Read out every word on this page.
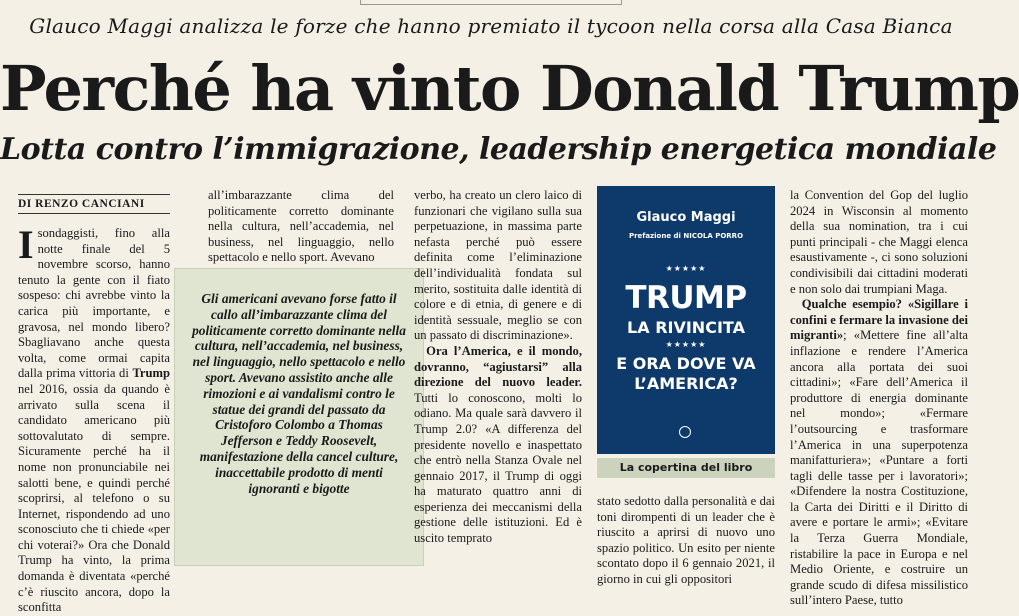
Glauco Maggi analizza le forze che hanno premiato il tycoon nella corsa alla Casa Bianca
Perché ha vinto Donald Trump
Lotta contro l’immigrazione, leadership energetica mondiale
DI RENZO CANCIANI
I sondaggisti, fino alla notte finale del 5 novembre scorso, hanno tenuto la gente con il fiato sospeso: chi avrebbe vinto la carica più importante, e gravosa, nel mondo libero? Sbagliavano anche questa volta, come ormai capita dalla prima vittoria di Trump nel 2016, ossia da quando è arrivato sulla scena il candidato americano più sottovalutato di sempre. Sicuramente perché ha il nome non pronunciabile nei salotti bene, e quindi perché scoprirsi, al telefono o su Internet, rispondendo ad uno sconosciuto che ti chiede «per chi voterai?» Ora che Donald Trump ha vinto, la prima domanda è diventata «perché c’è riuscito ancora, dopo la sconfitta
all’imbarazzante clima del politicamente corretto dominante nella cultura, nell’accademia, nel business, nel linguaggio, nello spettacolo e nello sport. Avevano
Gli americani avevano forse fatto il callo all’imbarazzante clima del politicamente corretto dominante nella cultura, nell’accademia, nel business, nel linguaggio, nello spettacolo e nello sport. Avevano assistito anche alle rimozioni e ai vandalismi contro le statue dei grandi del passato da Cristoforo Colombo a Thomas Jefferson e Teddy Roosevelt, manifestazione della cancel culture, inaccettabile prodotto di menti ignoranti e bigotte
verbo, ha creato un clero laico di funzionari che vigilano sulla sua perpetuazione, in massima parte nefasta perché può essere definita come l’eliminazione dell’individualità fondata sul merito, sostituita dalle identità di colore e di etnia, di genere e di identità sessuale, meglio se con un passato di discriminazione».
Ora l’America, e il mondo, dovranno, “agiustarsi” alla direzione del nuovo leader. Tutti lo conoscono, molti lo odiano. Ma quale sarà davvero il Trump 2.0? «A differenza del presidente novello e inaspettato che entrò nella Stanza Ovale nel gennaio 2017, il Trump di oggi ha maturato quattro anni di esperienza dei meccanismi della gestione delle istituzioni. Ed è uscito temprato
Glauco Maggi
Prefazione di NICOLA PORRO
★★★★★
TRUMP
LA RIVINCITA
★★★★★
E ORA DOVE VA L’AMERICA?
La copertina del libro
stato sedotto dalla personalità e dai toni dirompenti di un leader che è riuscito a aprirsi di nuovo uno spazio politico. Un esito per niente scontato dopo il 6 gennaio 2021, il giorno in cui gli oppositori
la Convention del Gop del luglio 2024 in Wisconsin al momento della sua nomination, tra i cui punti principali - che Maggi elenca esaustivamente -, ci sono soluzioni condivisibili dai cittadini moderati e non solo dai trumpiani Maga.
Qualche esempio? «Sigillare i confini e fermare la invasione dei migranti»; «Mettere fine all’alta inflazione e rendere l’America ancora alla portata dei suoi cittadini»; «Fare dell’America il produttore di energia dominante nel mondo»; «Fermare l’outsourcing e trasformare l’America in una superpotenza manifatturiera»; «Puntare a forti tagli delle tasse per i lavoratori»; «Difendere la nostra Costituzione, la Carta dei Diritti e il Diritto di avere e portare le armi»; «Evitare la Terza Guerra Mondiale, ristabilire la pace in Europa e nel Medio Oriente, e costruire un grande scudo di difesa missilistico sull’intero Paese, tutto
